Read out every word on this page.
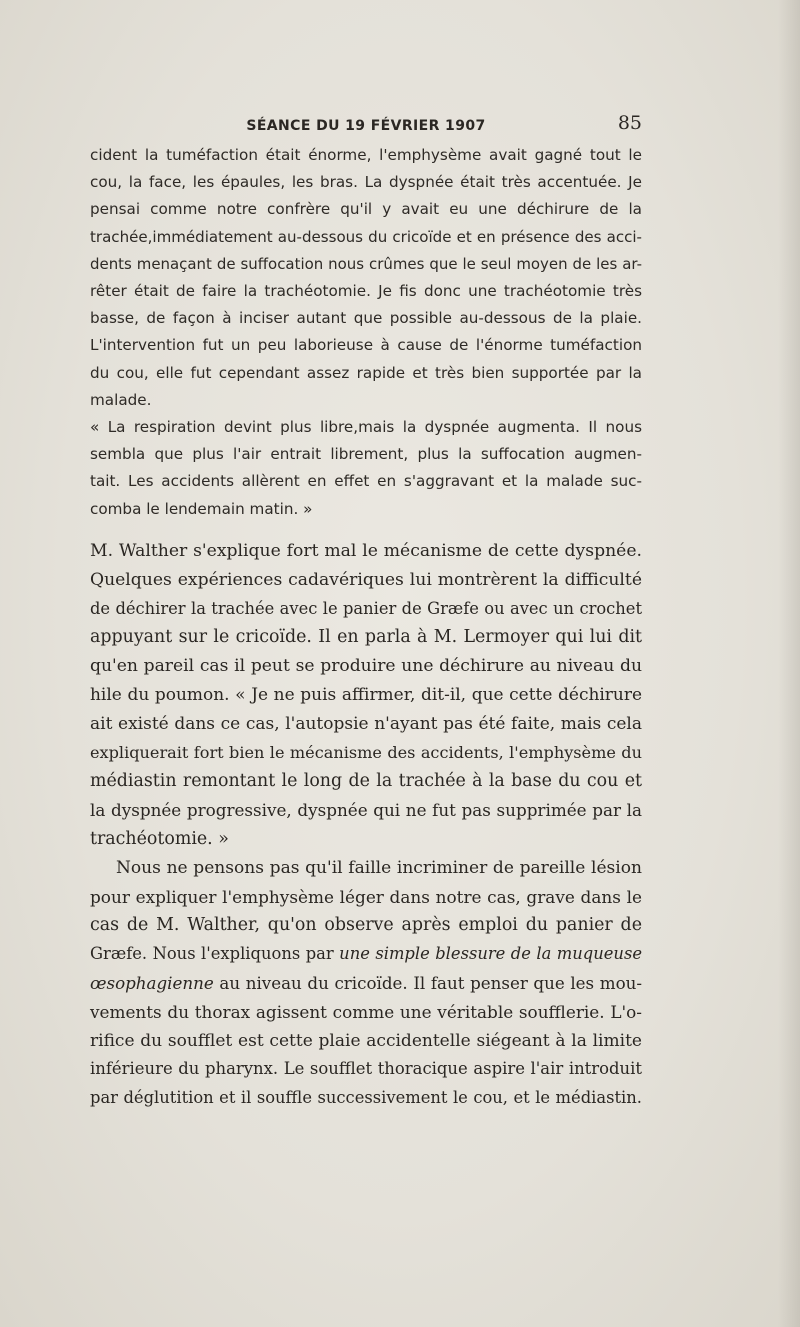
SÉANCE DU 19 FÉVRIER 1907	85

cident la tuméfaction était énorme, l'emphysème avait gagné tout le
cou, la face, les épaules, les bras. La dyspnée était très accentuée. Je
pensai comme notre confrère qu'il y avait eu une déchirure de la
trachée,immédiatement au-dessous du cricoïde et en présence des acci-
dents menaçant de suffocation nous crûmes que le seul moyen de les ar-
rêter était de faire la trachéotomie. Je fis donc une trachéotomie très
basse, de façon à inciser autant que possible au-dessous de la plaie.
L'intervention fut un peu laborieuse à cause de l'énorme tuméfaction
du cou, elle fut cependant assez rapide et très bien supportée par la
malade.

« La respiration devint plus libre,mais la dyspnée augmenta. Il nous
sembla que plus l'air entrait librement, plus la suffocation augmen-
tait. Les accidents allèrent en effet en s'aggravant et la malade suc-
comba le lendemain matin. »

M. Walther s'explique fort mal le mécanisme de cette dyspnée.
Quelques expériences cadavériques lui montrèrent la difficulté
de déchirer la trachée avec le panier de Græfe ou avec un crochet
appuyant sur le cricoïde. Il en parla à M. Lermoyer qui lui dit
qu'en pareil cas il peut se produire une déchirure au niveau du
hile du poumon. « Je ne puis affirmer, dit-il, que cette déchirure
ait existé dans ce cas, l'autopsie n'ayant pas été faite, mais cela
expliquerait fort bien le mécanisme des accidents, l'emphysème du
médiastin remontant le long de la trachée à la base du cou et
la dyspnée progressive, dyspnée qui ne fut pas supprimée par la
trachéotomie. »

Nous ne pensons pas qu'il faille incriminer de pareille lésion
pour expliquer l'emphysème léger dans notre cas, grave dans le
cas de M. Walther, qu'on observe après emploi du panier de
Græfe. Nous l'expliquons par une simple blessure de la muqueuse
œsophagienne au niveau du cricoïde. Il faut penser que les mou-
vements du thorax agissent comme une véritable soufflerie. L'o-
rifice du soufflet est cette plaie accidentelle siégeant à la limite
inférieure du pharynx. Le soufflet thoracique aspire l'air introduit
par déglutition et il souffle successivement le cou, et le médiastin.
